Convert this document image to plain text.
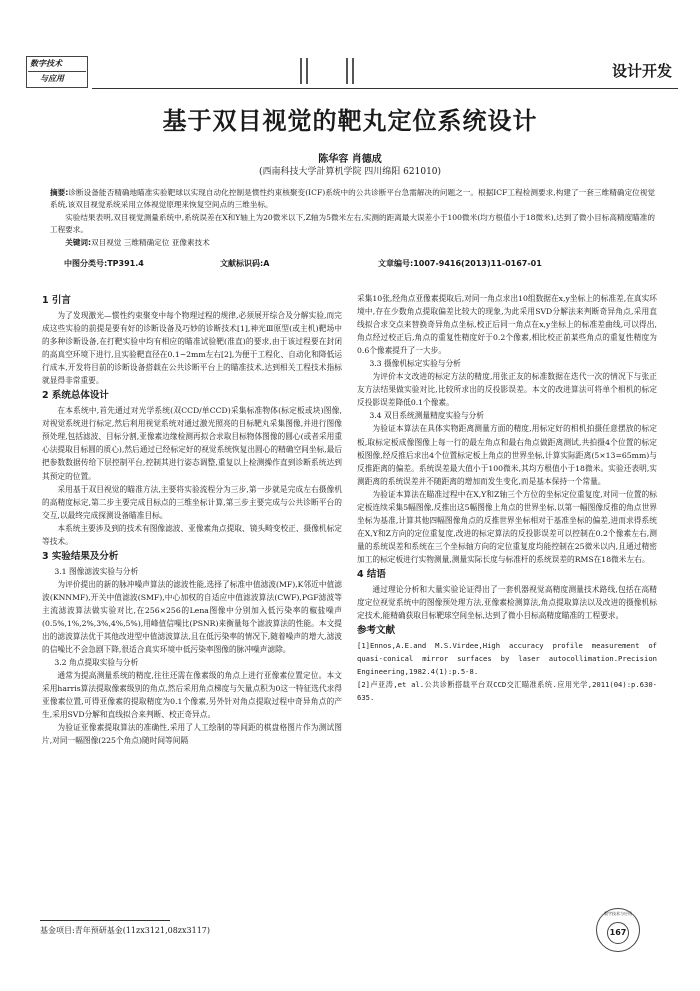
数字技术
与应用	设计开发
基于双目视觉的靶丸定位系统设计
陈华容 肖德成
(西南科技大学計算机学院 四川绵阳 621010)
摘要:诊断设备能否精确地瞄准实验靶球以实现自动化控制是惯性约束核聚变(ICF)系统中的公共诊断平台急需解决的问题之一。根据ICF工程检测要求,构建了一套三维精确定位视觉系统,该双目视觉系统采用立体视觉原理来恢复空间点的三维坐标。
实验结果表明,双目视觉测量系统中,系统误差在X和Y轴上为20微米以下,Z轴为5微米左右,实测的距离最大误差小于100微米(均方根值小于18微米),达到了微小目标高精度瞄准的工程要求。
关键词:双目视觉 三维精确定位 亚像素技术
中图分类号:TP391.4	文献标识码:A	文章编号:1007-9416(2013)11-0167-01

1 引言

为了发现激光—惯性约束聚变中每个物理过程的规律,必须展开综合及分解实验,而完成这些实验的前提是要有好的诊断设备及巧妙的诊断技术[1],神光Ⅲ原型(或主机)靶场中的多种诊断设备,在打靶实验中均有相应的瞄准试验靶(准直)的要求,由于该过程要在封闭的高真空环境下进行,且实验靶直径在0.1~2mm左右[2],为便于工程化、自动化和降低运行成本,开发将目前的诊断设备搭载在公共诊断平台上的瞄准技术,达到相关工程技术指标就显得非常重要。

2 系统总体设计

在本系统中,首先通过对光学系统(双CCD/单CCD)采集标准物体(标定板或块)图像,对视觉系统进行标定,然后利用视觉系统对通过激光照亮的目标靶丸采集图像,并进行图像预处理,包括滤波、目标分割,亚像素边缘检测再拟合求取目标物体图像的圆心(或者采用重心法提取目标圆的质心),然后通过已经标定好的视觉系统恢复出圆心的精确空间坐标,最后把参数数据传给下层控制平台,控制其进行姿态调整,重复以上检测操作直到诊断系统达到其预定的位置。

采用基于双目视觉的瞄准方法,主要将实验流程分为三步,第一步就是完成左右摄像机的高精度标定,第二步主要完成目标点的三维坐标计算,第三步主要完成与公共诊断平台的交互,以最终完成探测设备瞄准目标。

本系统主要涉及到的技术有图像滤波、亚像素角点提取、镜头畸变校正、摄像机标定等技术。

3 实验结果及分析

3.1 图像滤波实验与分析

为评价提出的新的脉冲噪声算法的滤波性能,选择了标准中值滤波(MF),K邻近中值滤波(KNNMF),开关中值滤波(SMF),中心加权的自适应中值滤波算法(CWF),PGF滤波等主流滤波算法做实验对比,在256×256的Lena图像中分别加入低污染率的椒盐噪声(0.5%,1%,2%,3%,4%,5%),用峰值信噪比(PSNR)来衡量每个滤波算法的性能。本文提出的滤波算法优于其他改进型中值滤波算法,且在低污染率的情况下,随着噪声的增大,滤波的信噪比不会急剧下降,很适合真实环境中低污染率图像的脉冲噪声滤除。

3.2 角点提取实验与分析

通常为提高测量系统的精度,往往还需在像素级的角点上进行亚像素位置定位。本文采用harris算法提取像素级别的角点,然后采用角点梯度与矢量点积为0这一特征选代求得亚像素位置,可得亚像素的提取精度为0.1个像素,另外针对角点提取过程中奇异角点的产生,采用SVD分解和直线拟合来判断、校正奇异点。

为验证亚像素提取算法的准确性,采用了人工绘制的等间距的棋盘格图片作为测试图片,对同一幅图像(225个角点)随时间等间隔

采集10张,经角点亚像素提取后,对同一角点求出10组数据在x,y坐标上的标准差,在真实环境中,存在少数角点提取偏差比较大的现象,为此采用SVD分解法来判断奇异角点,采用直线拟合求交点来替换奇异角点坐标,校正后同一角点在x,y坐标上的标准差曲线,可以得出,角点经过校正后,角点的重复性精度好于0.2个像素,相比校正前某些角点的重复性精度为0.6个像素提升了一大步。

3.3 摄像机标定实验与分析

为评价本文改进的标定方法的精度,用张正友的标准数据在迭代一次的情况下与张正友方法结果做实验对比,比较所求出的反投影误差。本文的改进算法可将单个相机的标定反投影误差降低0.1个像素。

3.4 双目系统测量精度实验与分析

为验证本算法在具体实物距离测量方面的精度,用标定好的相机拍摄任意摆放的标定板,取标定板成像图像上每一行的最左角点和最右角点做距离测试,共拍摄4个位置的标定板图像,经反推后求出4个位置标定板上角点的世界坐标,计算实际距离(5×13=65mm)与反推距离的偏差。系统误差最大值小于100微米,其均方根值小于18微米。实验还表明,实测距离的系统误差并不随距离的增加而发生变化,而是基本保持一个常量。

为验证本算法在瞄准过程中在X,Y和Z轴三个方位的坐标定位重复度,对同一位置的标定板连续采集5幅图像,反推出这5幅图像上角点的世界坐标,以第一幅图像反推的角点世界坐标为基准,计算其他四幅图像角点的反推世界坐标相对于基准坐标的偏差,进而求得系统在X,Y和Z方向的定位重复度,改进的标定算法的反投影误差可以控制在0.2个像素左右,测量的系统误差和系统在三个坐标轴方向的定位重复度均能控制在25微米以内,且通过精密加工的标定板进行实物测量,测量实际长度与标准杆的系统误差的RMS在18微米左右。

4 结语

通过理论分析和大量实验论证得出了一套机器视觉高精度测量技术路线,包括在高精度定位视觉系统中的图像预处理方法,亚像素检测算法,角点提取算法以及改进的摄像机标定技术,能精确获取目标靶球空间坐标,达到了微小目标高精度瞄准的工程要求。

参考文献

[1]Ennos,A.E.and M.S.Virdee,High accuracy profile measurement of quasi-conical mirror surfaces by laser autocollimation.Precision Engineering,1982.4(1):p.5-8.

[2]卢亚涛,et al.公共诊断搭载平台双CCD交汇瞄准系统.应用光学,2011(04):p.630-635.

基金项目:青年预研基金(11zx3121,08zx3117)
数字技术与应用
167
